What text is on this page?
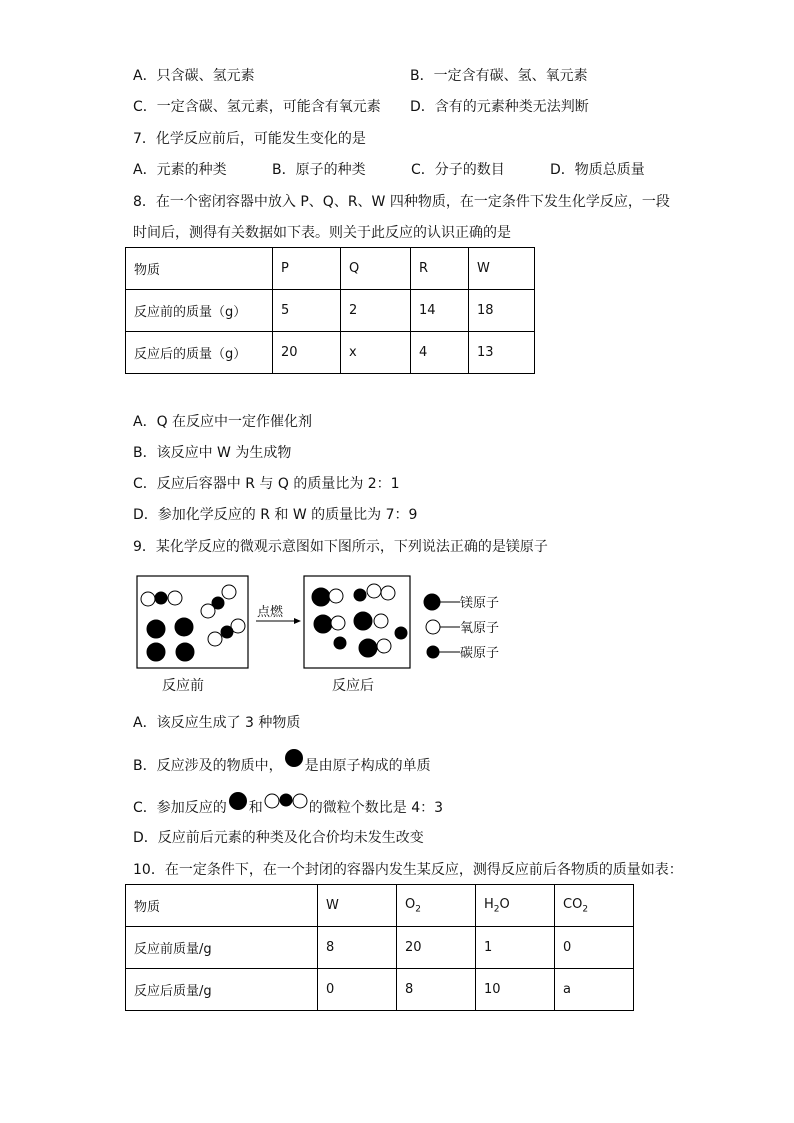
A．只含碳、氢元素	B．一定含有碳、氢、氧元素
C．一定含碳、氢元素，可能含有氧元素 D．含有的元素种类无法判断
7．化学反应前后，可能发生变化的是
A．元素的种类	B．原子的种类	C．分子的数目	D．物质总质量
8．在一个密闭容器中放入 P、Q、R、W 四种物质，在一定条件下发生化学反应，一段
时间后，测得有关数据如下表。则关于此反应的认识正确的是
物质	P	Q	R	W
反应前的质量（g）	5	2	14	18
反应后的质量（g）	20	x	4	13
A．Q 在反应中一定作催化剂
B．该反应中 W 为生成物
C．反应后容器中 R 与 Q 的质量比为 2：1
D．参加化学反应的 R 和 W 的质量比为 7：9
9．某化学反应的微观示意图如下图所示，下列说法正确的是镁原子
点燃
镁原子
氧原子
碳原子
反应前	反应后
A．该反应生成了 3 种物质
B．反应涉及的物质中， 是由原子构成的单质
C．参加反应的 和	的微粒个数比是 4：3
D．反应前后元素的种类及化合价均未发生改变
10．在一定条件下，在一个封闭的容器内发生某反应，测得反应前后各物质的质量如表：
物质	W	$O_2$	$H_2O$	$CO_2$
反应前质量/g	8	20	1	0
反应后质量/g	0	8	10	a
